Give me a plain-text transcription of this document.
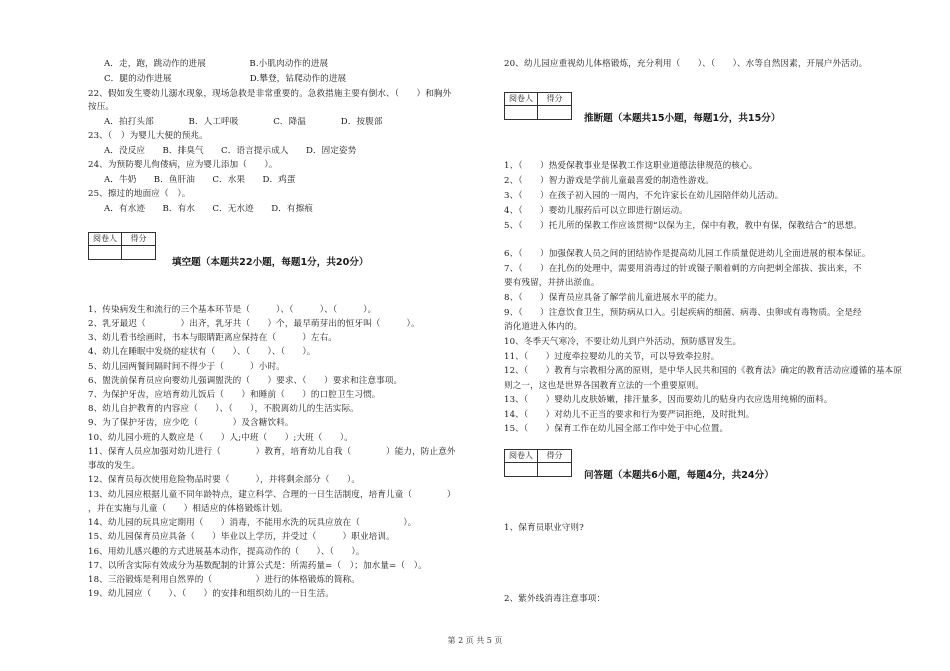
A．走，跑，跳动作的进展　　　　　B.小肌肉动作的进展
C．腿的动作进展　　　　　　　　　D.攀登，钻爬动作的进展
22、假如发生婴幼儿溺水现象，现场急救是非常重要的。急救措施主要有倒水、（　　）和胸外
按压。
A．拍打头部　　　　B．人工呼吸　　　　C．降温　　　　D．按腹部
23、（　）为婴儿大便的预兆。
A．没反应　　B．排臭气　　C．语言提示成人　　D．固定姿势
24、为预防婴儿佝偻病，应为婴儿添加（　　）。
A．牛奶　　B．鱼肝油　　C．水果　　D．鸡蛋
25、擦过的地面应（　）。
A．有水迹　　B．有水　　C．无水迹　　D．有擦痕
阅卷人	得分
填空题（本题共22小题，每题1分，共20分）
1、传染病发生和流行的三个基本环节是（　　　）、（　　　）、（　　　）。
2、乳牙最迟（　　　　）出齐，乳牙共（　　）个，最早萌芽出的恒牙叫（　　　）。
3、幼儿看书绘画时，书本与眼睛距离应保持在（　　　）左右。
4、幼儿在睡眠中发烧的症状有（　　）、（　　）、（　　）。
5、幼儿园两餐间隔时间不得少于（　　　）小时。
6、盥洗前保育员应向婴幼儿强调盥洗的（　　）要求、（　　）要求和注意事项。
7、为保护牙齿，应培育幼儿饭后（　　）和睡前（　　）的口腔卫生习惯。
8、幼儿自护教育的内容应（　　）、（　　），不脱离幼儿的生活实际。
9、为了保护牙齿，应少吃（　　　　）及含糖饮料。
10、幼儿园小班的人数应是（　　）人;中班（　　）;大班（　　）。
11、保育人员应加强对幼儿进行（　　　　）教育，培育幼儿自我（　　　　）能力，防止意外
事故的发生。
12、保育员每次使用危险物品时要（　　　），并将剩余部分（　　）。
13、幼儿园应根据儿童不同年龄特点，建立科学、合理的一日生活制度，培育儿童（　　　　）
，并在实施与儿童（　　）相适应的体格锻炼计划。
14、幼儿园的玩具应定期用（　　）消毒，不能用水洗的玩具应放在（　　　　　）。
15、幼儿园保育员应具备（　　）毕业以上学历，并受过（　　　）职业培训。
16、用幼儿感兴趣的方式进展基本动作，提高动作的（　　）、（　　）。
17、以所含实际有效成分为基数配制的计算公式是：所需药量=（　）；加水量=（　）。
18、三浴锻炼是利用自然界的（　　　　　）进行的体格锻炼的简称。
19、幼儿园应（　　）、（　　）的安排和组织幼儿的一日生活。
20、幼儿园应重视幼儿体格锻炼，充分利用（　　）、（　　）、水等自然因素，开展户外活动。
阅卷人	得分
推断题（本题共15小题，每题1分，共15分）
1、（　　）热爱保教事业是保教工作这职业道德法律规范的核心。
2、（　　）智力游戏是学前儿童最喜爱的制造性游戏。
3、（　　）在孩子初入园的一周内，不允许家长在幼儿园陪伴幼儿活动。
4、（　　）婴幼儿服药后可以立即进行剧运动。
5、（　　）托儿所的保教工作应该贯彻“以保为主，保中有教，教中有保，保教结合”的思想。
6、（　　）加强保教人员之间的团结协作是提高幼儿园工作质量促进幼儿全面进展的根本保证。
7、（　　）在扎伤的处理中，需要用消毒过的针或镊子顺着刺的方向把刺全部拔、拔出来，不
要有残留，并挤出淤血。
8、（　　）保育员应具备了解学前儿童进展水平的能力。
9、（　　）注意饮食卫生，预防病从口入。引起疾病的细菌、病毒、虫卵或有毒物质。全是经
消化道进入体内的。
10、冬季天气寒冷，不要让幼儿到户外活动，预防感冒发生。
11、（　　）过度牵拉婴幼儿的关节，可以导致牵拉肘。
12、（　　）教育与宗教相分离的原则，是中华人民共和国的《教育法》确定的教育活动应遵循的基本原
则之一，这也是世界各国教育立法的一个重要原则。
13、（　　）婴幼儿皮肤娇嫩，排汗量多，因而要幼儿的贴身内衣应选用纯棉的面料。
14、（　　）对幼儿不正当的要求和行为要严词拒绝，及时批判。
15、（　　）保育工作在幼儿园全部工作中处于中心位置。
阅卷人	得分
问答题（本题共6小题，每题4分，共24分）
1、保育员职业守则?
2、紫外线消毒注意事项：
第 2 页 共 5 页
